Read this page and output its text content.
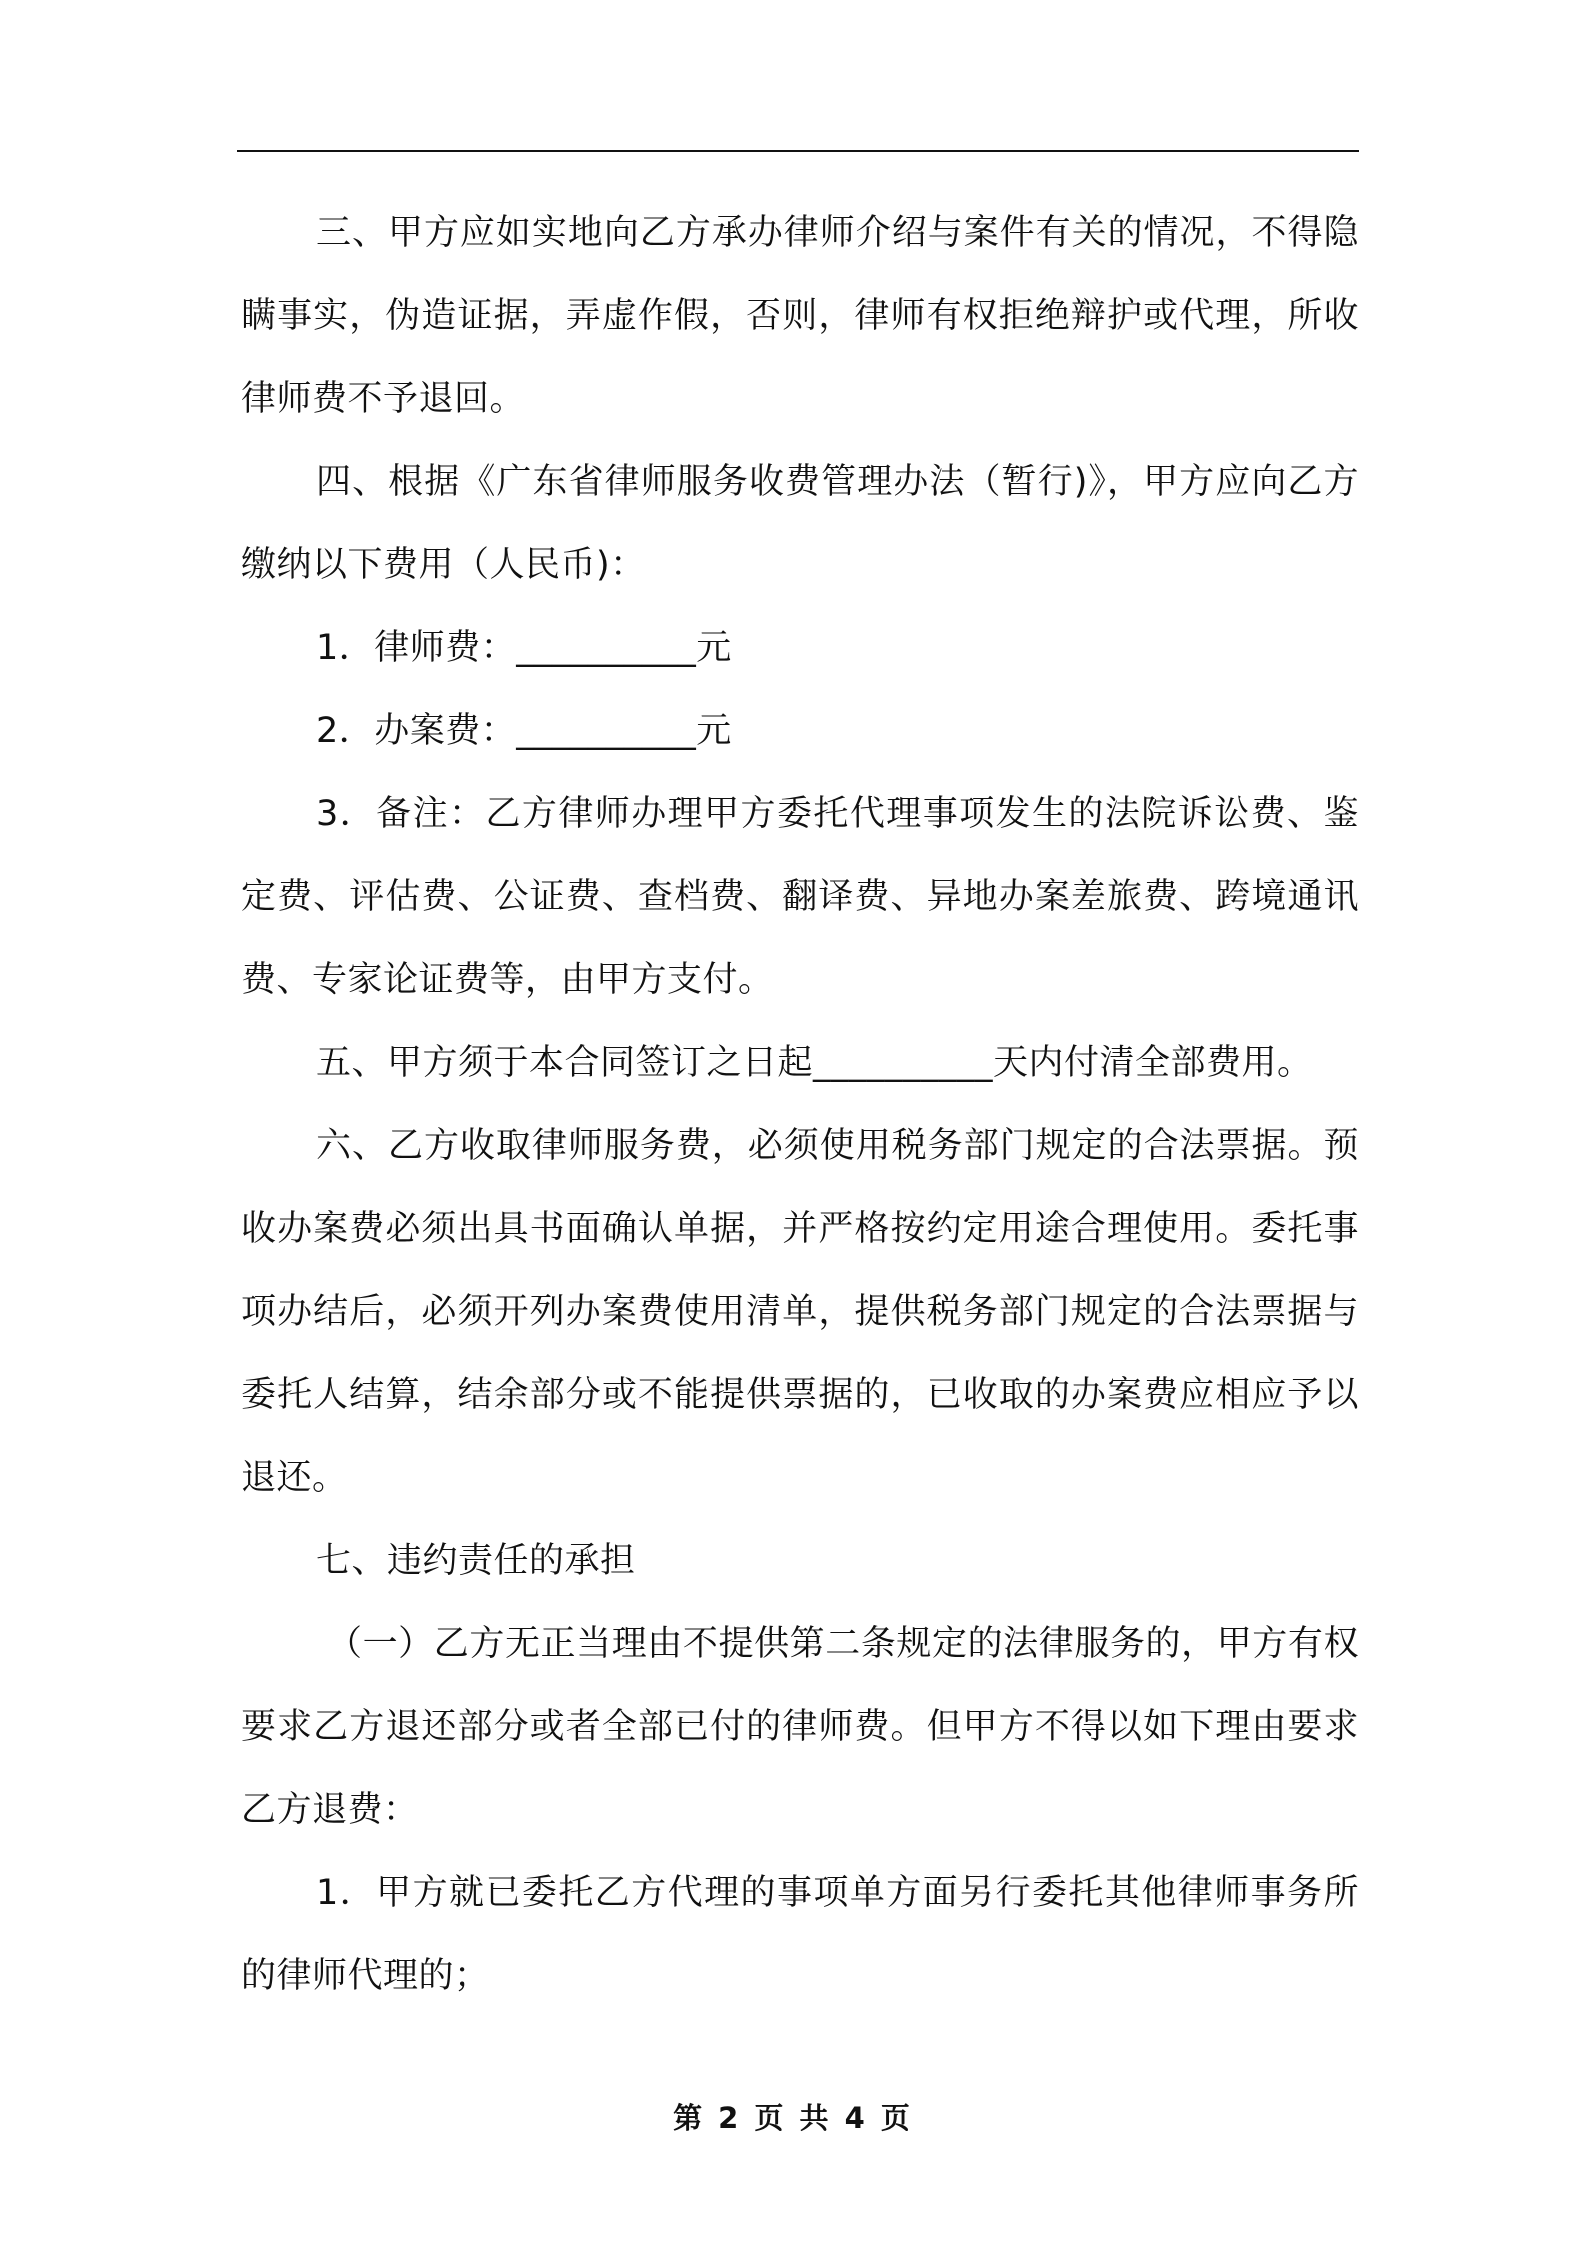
三、甲方应如实地向乙方承办律师介绍与案件有关的情况，不得隐瞒事实，伪造证据，弄虚作假，否则，律师有权拒绝辩护或代理，所收律师费不予退回。

四、根据《广东省律师服务收费管理办法（暂行)》，甲方应向乙方缴纳以下费用（人民币)：

1．律师费：__________元

2．办案费：__________元

3．备注：乙方律师办理甲方委托代理事项发生的法院诉讼费、鉴定费、评估费、公证费、查档费、翻译费、异地办案差旅费、跨境通讯费、专家论证费等，由甲方支付。

五、甲方须于本合同签订之日起__________天内付清全部费用。

六、乙方收取律师服务费，必须使用税务部门规定的合法票据。预收办案费必须出具书面确认单据，并严格按约定用途合理使用。委托事项办结后，必须开列办案费使用清单，提供税务部门规定的合法票据与委托人结算，结余部分或不能提供票据的，已收取的办案费应相应予以退还。

七、违约责任的承担

（一）乙方无正当理由不提供第二条规定的法律服务的，甲方有权要求乙方退还部分或者全部已付的律师费。但甲方不得以如下理由要求乙方退费：

1．甲方就已委托乙方代理的事项单方面另行委托其他律师事务所的律师代理的；

第 2 页 共 4 页
